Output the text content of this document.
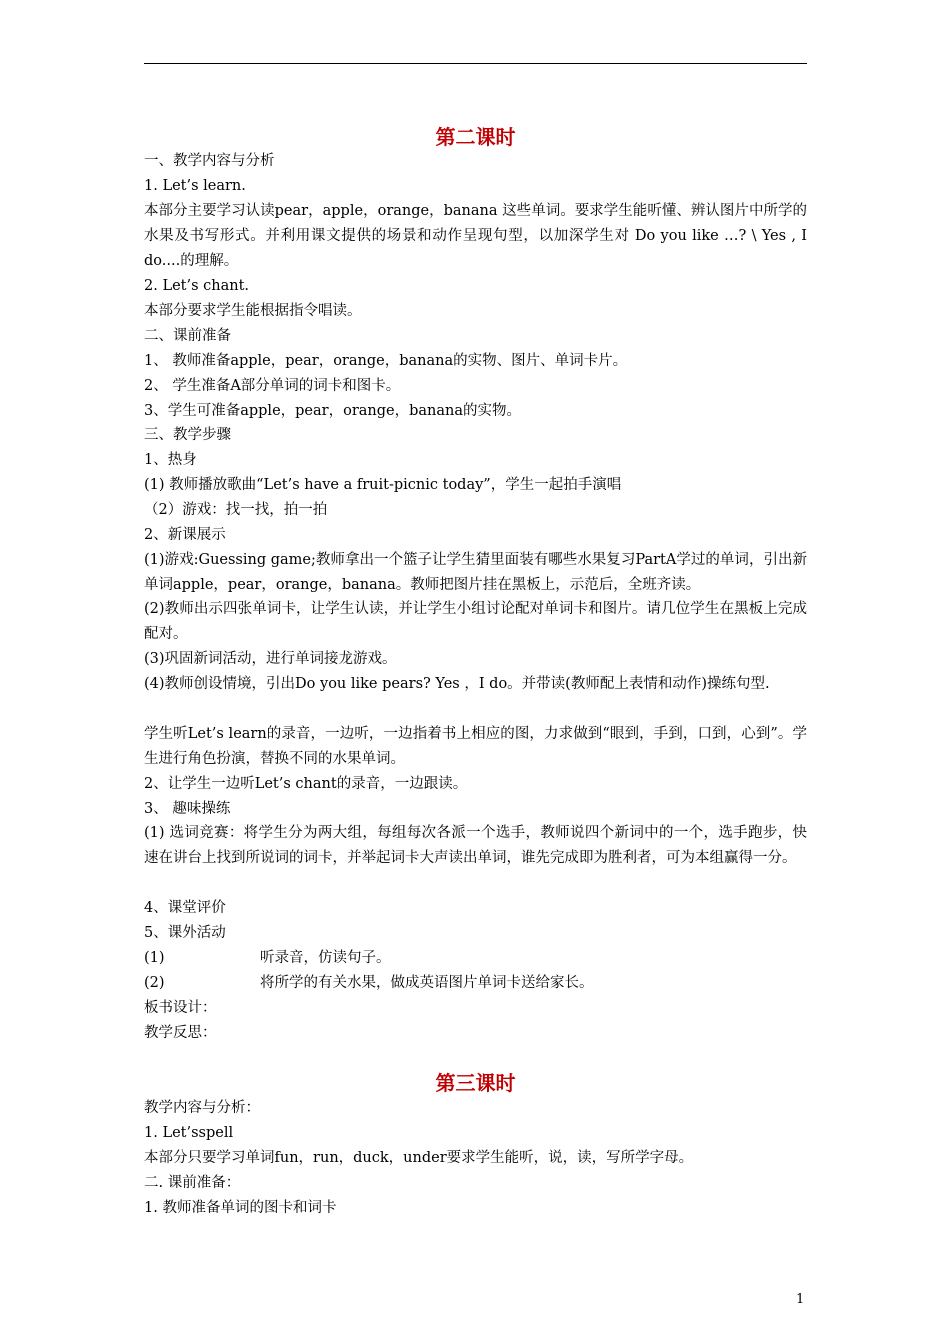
第二课时
一、教学内容与分析
1. Let’s learn.
本部分主要学习认读pear，apple，orange，banana 这些单词。要求学生能听懂、辨认图片中所学的水果及书写形式。并利用课文提供的场景和动作呈现句型，以加深学生对 Do you like …? \ Yes , I do....的理解。
2. Let’s chant.
本部分要求学生能根据指令唱读。
二、课前准备
1、 教师准备apple，pear，orange，banana的实物、图片、单词卡片。
2、 学生准备A部分单词的词卡和图卡。
3、学生可准备apple，pear，orange，banana的实物。
三、教学步骤
1、热身
(1) 教师播放歌曲“Let’s have a fruit-picnic today”，学生一起拍手演唱
（2）游戏：找一找，拍一拍
2、新课展示
(1)游戏:Guessing game;教师拿出一个篮子让学生猜里面装有哪些水果复习PartA学过的单词，引出新单词apple，pear，orange，banana。教师把图片挂在黑板上，示范后，全班齐读。
(2)教师出示四张单词卡，让学生认读，并让学生小组讨论配对单词卡和图片。请几位学生在黑板上完成配对。
(3)巩固新词活动，进行单词接龙游戏。
(4)教师创设情境，引出Do you like pears? Yes ，I do。并带读(教师配上表情和动作)操练句型.
学生听Let’s learn的录音，一边听，一边指着书上相应的图，力求做到“眼到，手到，口到，心到”。学生进行角色扮演，替换不同的水果单词。
2、让学生一边听Let’s chant的录音，一边跟读。
3、 趣味操练
(1) 选词竞赛：将学生分为两大组，每组每次各派一个选手，教师说四个新词中的一个，选手跑步，快速在讲台上找到所说词的词卡，并举起词卡大声读出单词，谁先完成即为胜利者，可为本组赢得一分。
4、课堂评价
5、课外活动
(1)	听录音，仿读句子。
(2)	将所学的有关水果，做成英语图片单词卡送给家长。
板书设计：
教学反思：
第三课时
教学内容与分析：
1. Let’sspell
本部分只要学习单词fun，run，duck，under要求学生能听，说，读，写所学字母。
二. 课前准备：
1. 教师准备单词的图卡和词卡
1
